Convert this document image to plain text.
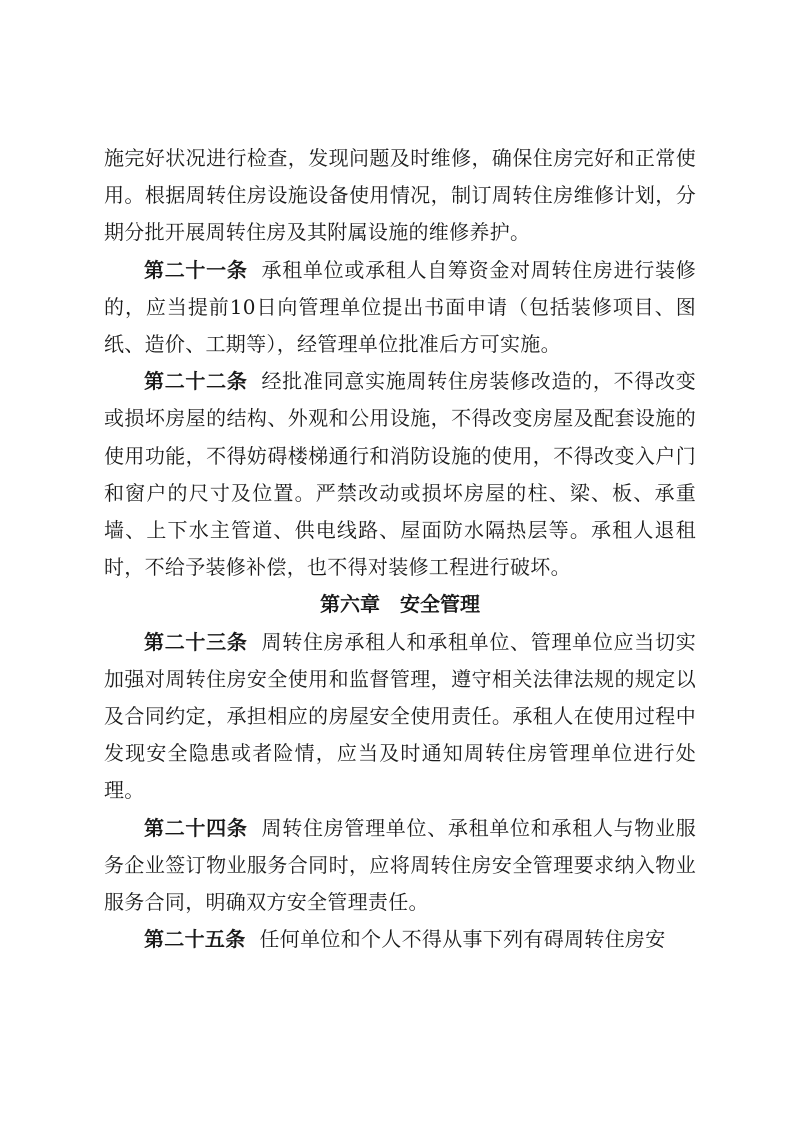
施完好状况进行检查，发现问题及时维修，确保住房完好和正常使用。根据周转住房设施设备使用情况，制订周转住房维修计划，分期分批开展周转住房及其附属设施的维修养护。

第二十一条 承租单位或承租人自筹资金对周转住房进行装修的，应当提前10日向管理单位提出书面申请（包括装修项目、图纸、造价、工期等），经管理单位批准后方可实施。

第二十二条 经批准同意实施周转住房装修改造的，不得改变或损坏房屋的结构、外观和公用设施，不得改变房屋及配套设施的使用功能，不得妨碍楼梯通行和消防设施的使用，不得改变入户门和窗户的尺寸及位置。严禁改动或损坏房屋的柱、梁、板、承重墙、上下水主管道、供电线路、屋面防水隔热层等。承租人退租时，不给予装修补偿，也不得对装修工程进行破坏。

第六章 安全管理

第二十三条 周转住房承租人和承租单位、管理单位应当切实加强对周转住房安全使用和监督管理，遵守相关法律法规的规定以及合同约定，承担相应的房屋安全使用责任。承租人在使用过程中发现安全隐患或者险情，应当及时通知周转住房管理单位进行处理。

第二十四条 周转住房管理单位、承租单位和承租人与物业服务企业签订物业服务合同时，应将周转住房安全管理要求纳入物业服务合同，明确双方安全管理责任。

第二十五条 任何单位和个人不得从事下列有碍周转住房安
